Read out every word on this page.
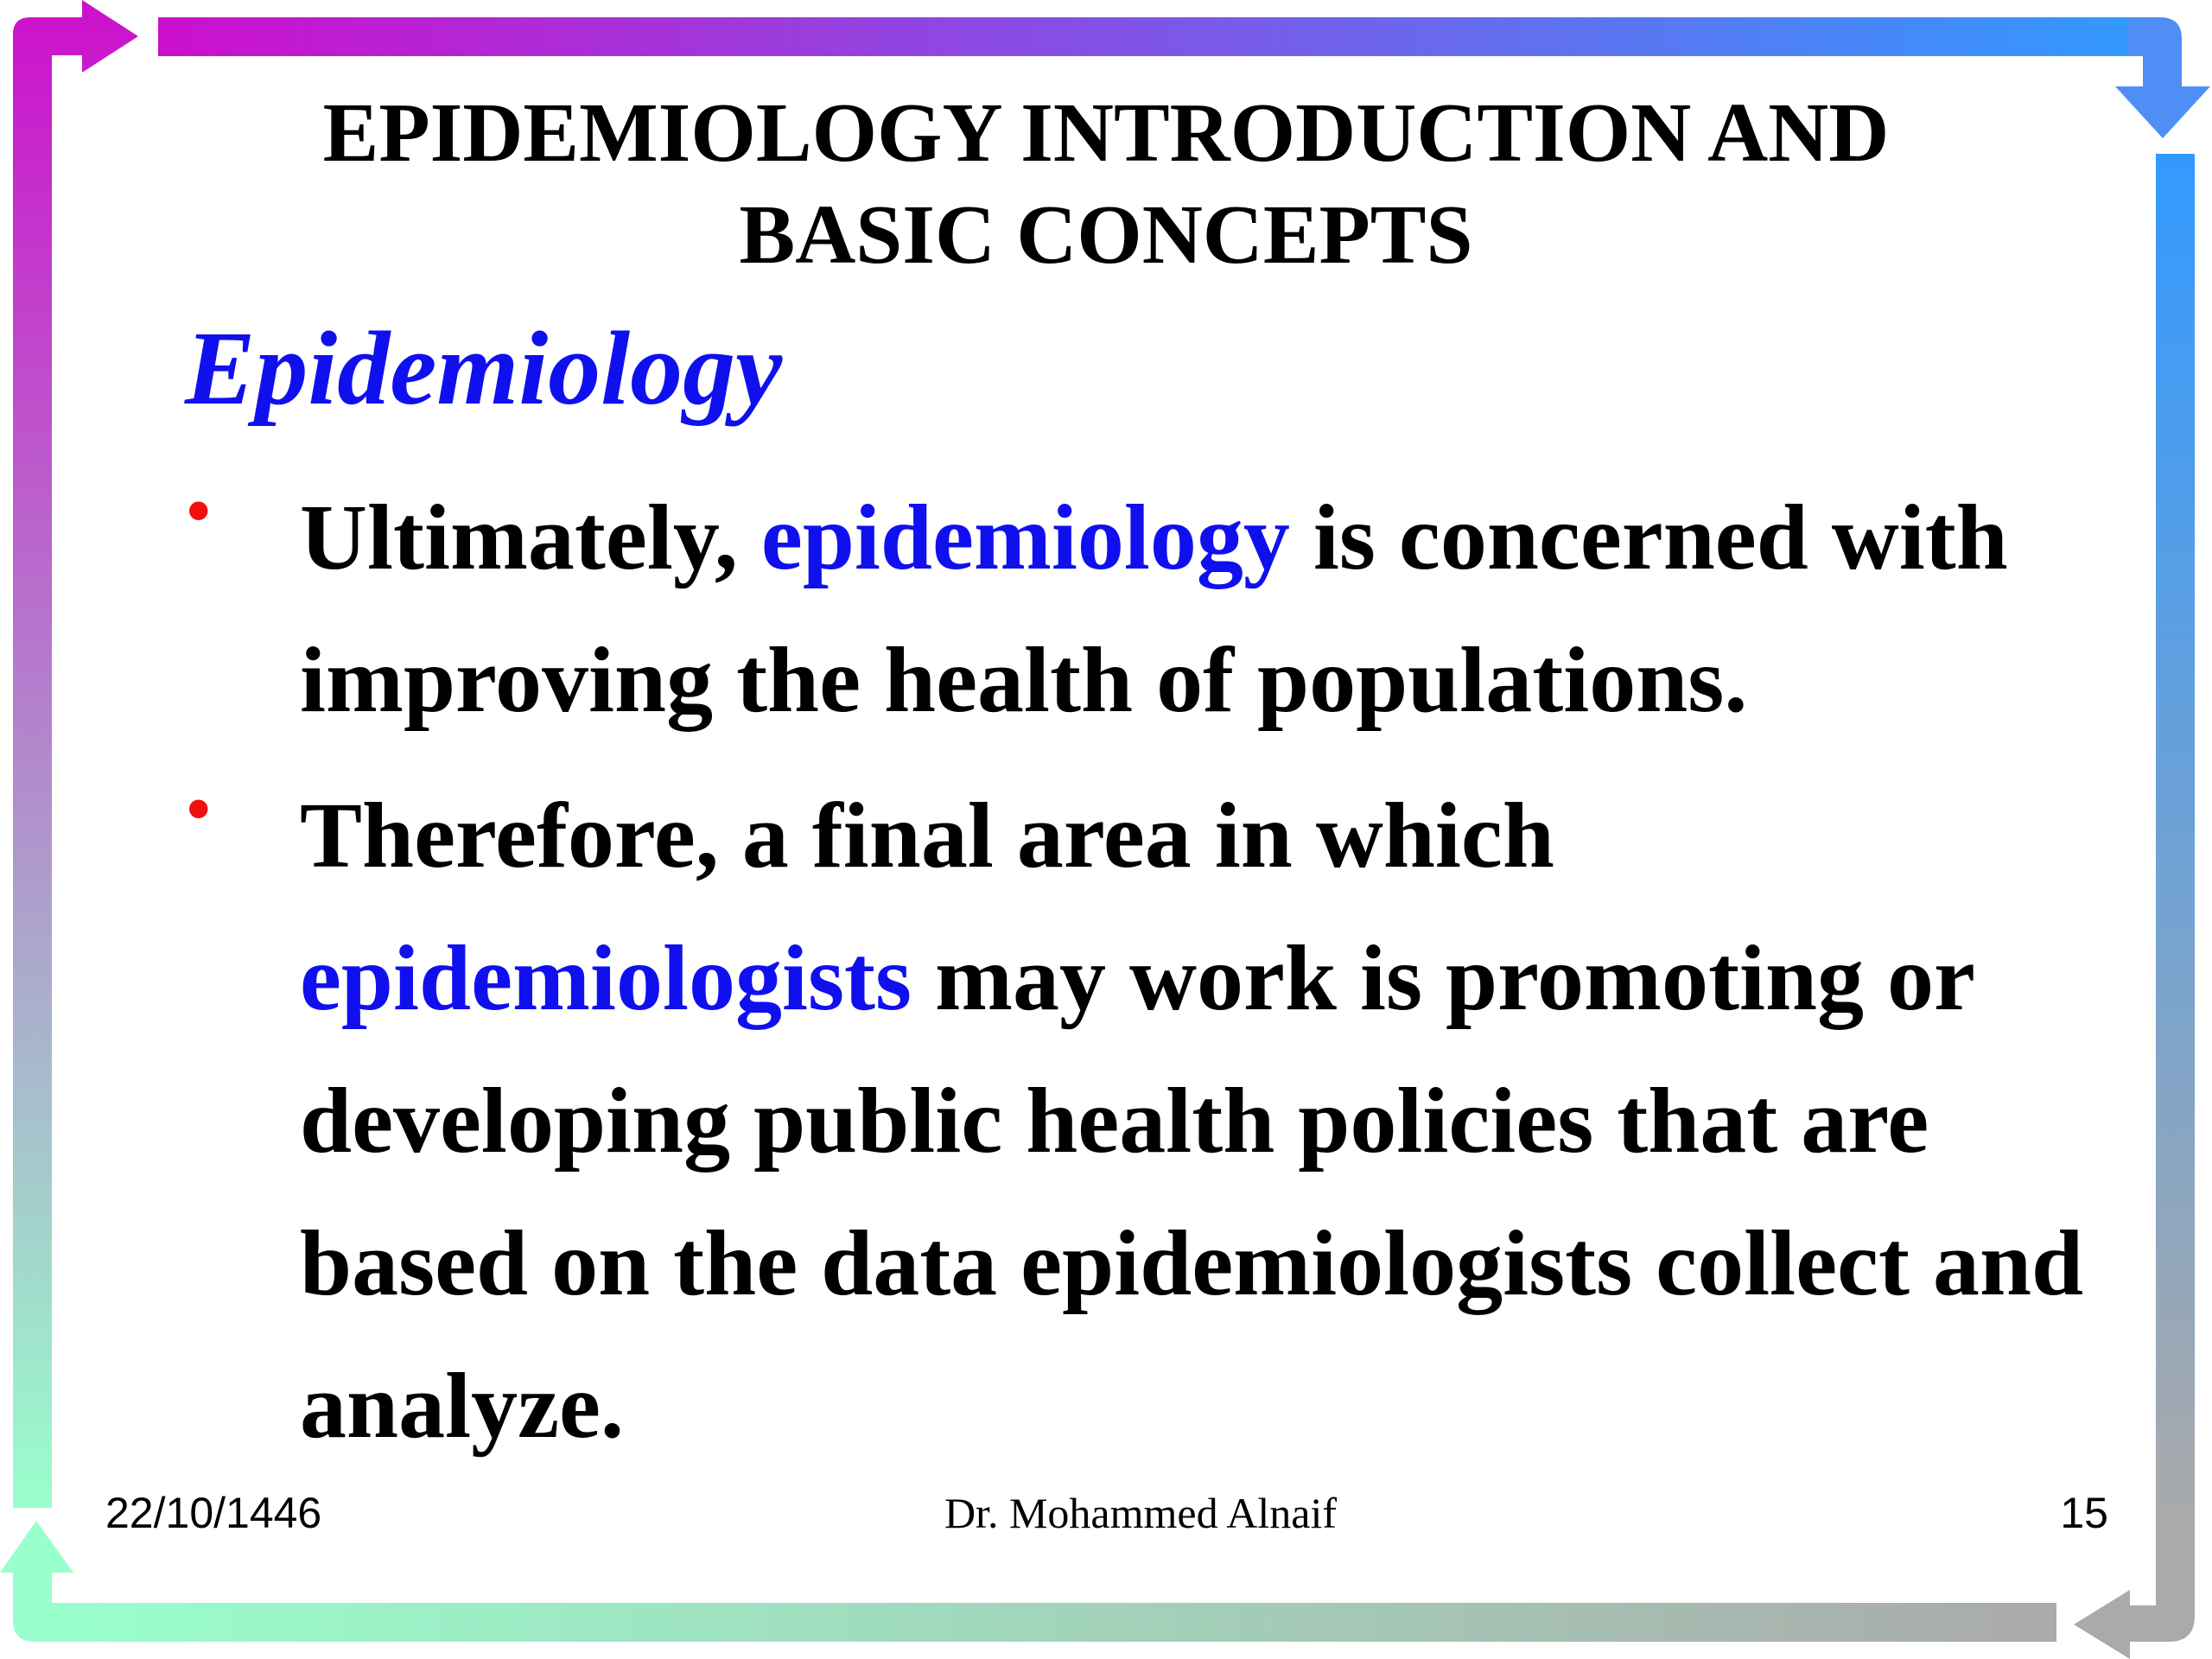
EPIDEMIOLOGY INTRODUCTION AND
BASIC CONCEPTS
Epidemiology
• Ultimately, epidemiology is concerned with improving the health of populations.
• Therefore, a final area in which epidemiologists may work is promoting or developing public health policies that are based on the data epidemiologists collect and analyze.
22/10/1446	Dr. Mohammed Alnaif	15
